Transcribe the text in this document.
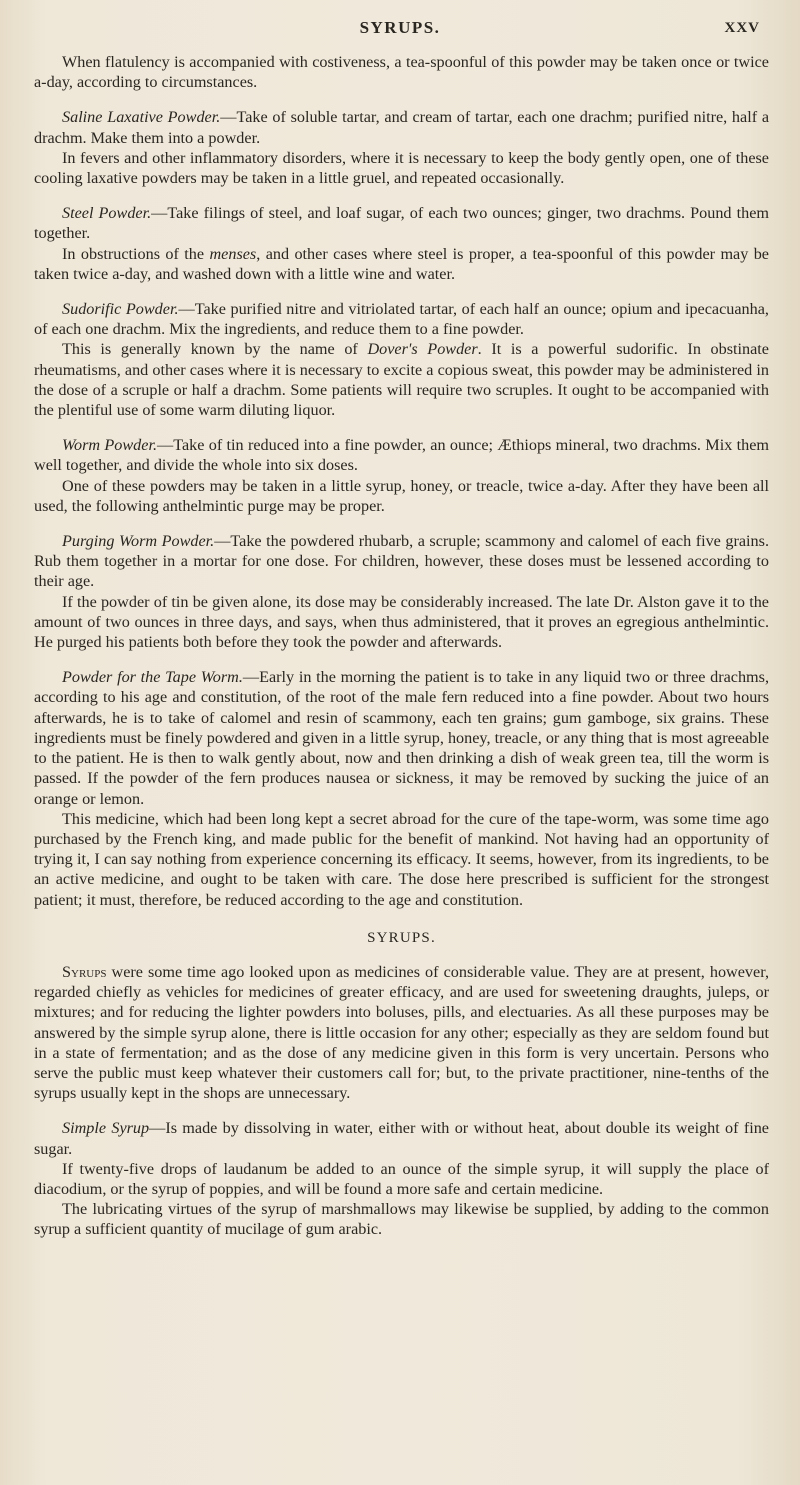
SYRUPS.	XXV

When flatulency is accompanied with costiveness, a tea-spoonful of this powder may be taken once or twice a-day, according to circumstances.

Saline Laxative Powder.—Take of soluble tartar, and cream of tartar, each one drachm; purified nitre, half a drachm. Make them into a powder.

In fevers and other inflammatory disorders, where it is necessary to keep the body gently open, one of these cooling laxative powders may be taken in a little gruel, and repeated occasionally.

Steel Powder.—Take filings of steel, and loaf sugar, of each two ounces; ginger, two drachms. Pound them together.

In obstructions of the menses, and other cases where steel is proper, a tea-spoonful of this powder may be taken twice a-day, and washed down with a little wine and water.

Sudorific Powder.—Take purified nitre and vitriolated tartar, of each half an ounce; opium and ipecacuanha, of each one drachm. Mix the ingredients, and reduce them to a fine powder.

This is generally known by the name of Dover's Powder. It is a powerful sudorific. In obstinate rheumatisms, and other cases where it is necessary to excite a copious sweat, this powder may be administered in the dose of a scruple or half a drachm. Some patients will require two scruples. It ought to be accompanied with the plentiful use of some warm diluting liquor.

Worm Powder.—Take of tin reduced into a fine powder, an ounce; Æthiops mineral, two drachms. Mix them well together, and divide the whole into six doses.

One of these powders may be taken in a little syrup, honey, or treacle, twice a-day. After they have been all used, the following anthelmintic purge may be proper.

Purging Worm Powder.—Take the powdered rhubarb, a scruple; scammony and calomel of each five grains. Rub them together in a mortar for one dose. For children, however, these doses must be lessened according to their age.

If the powder of tin be given alone, its dose may be considerably increased. The late Dr. Alston gave it to the amount of two ounces in three days, and says, when thus administered, that it proves an egregious anthelmintic. He purged his patients both before they took the powder and afterwards.

Powder for the Tape Worm.—Early in the morning the patient is to take in any liquid two or three drachms, according to his age and constitution, of the root of the male fern reduced into a fine powder. About two hours afterwards, he is to take of calomel and resin of scammony, each ten grains; gum gamboge, six grains. These ingredients must be finely powdered and given in a little syrup, honey, treacle, or any thing that is most agreeable to the patient. He is then to walk gently about, now and then drinking a dish of weak green tea, till the worm is passed. If the powder of the fern produces nausea or sickness, it may be removed by sucking the juice of an orange or lemon.

This medicine, which had been long kept a secret abroad for the cure of the tape-worm, was some time ago purchased by the French king, and made public for the benefit of mankind. Not having had an opportunity of trying it, I can say nothing from experience concerning its efficacy. It seems, however, from its ingredients, to be an active medicine, and ought to be taken with care. The dose here prescribed is sufficient for the strongest patient; it must, therefore, be reduced according to the age and constitution.

SYRUPS.

Syrups were some time ago looked upon as medicines of considerable value. They are at present, however, regarded chiefly as vehicles for medicines of greater efficacy, and are used for sweetening draughts, juleps, or mixtures; and for reducing the lighter powders into boluses, pills, and electuaries. As all these purposes may be answered by the simple syrup alone, there is little occasion for any other; especially as they are seldom found but in a state of fermentation; and as the dose of any medicine given in this form is very uncertain. Persons who serve the public must keep whatever their customers call for; but, to the private practitioner, nine-tenths of the syrups usually kept in the shops are unnecessary.

Simple Syrup—Is made by dissolving in water, either with or without heat, about double its weight of fine sugar.

If twenty-five drops of laudanum be added to an ounce of the simple syrup, it will supply the place of diacodium, or the syrup of poppies, and will be found a more safe and certain medicine.

The lubricating virtues of the syrup of marshmallows may likewise be supplied, by adding to the common syrup a sufficient quantity of mucilage of gum arabic.
